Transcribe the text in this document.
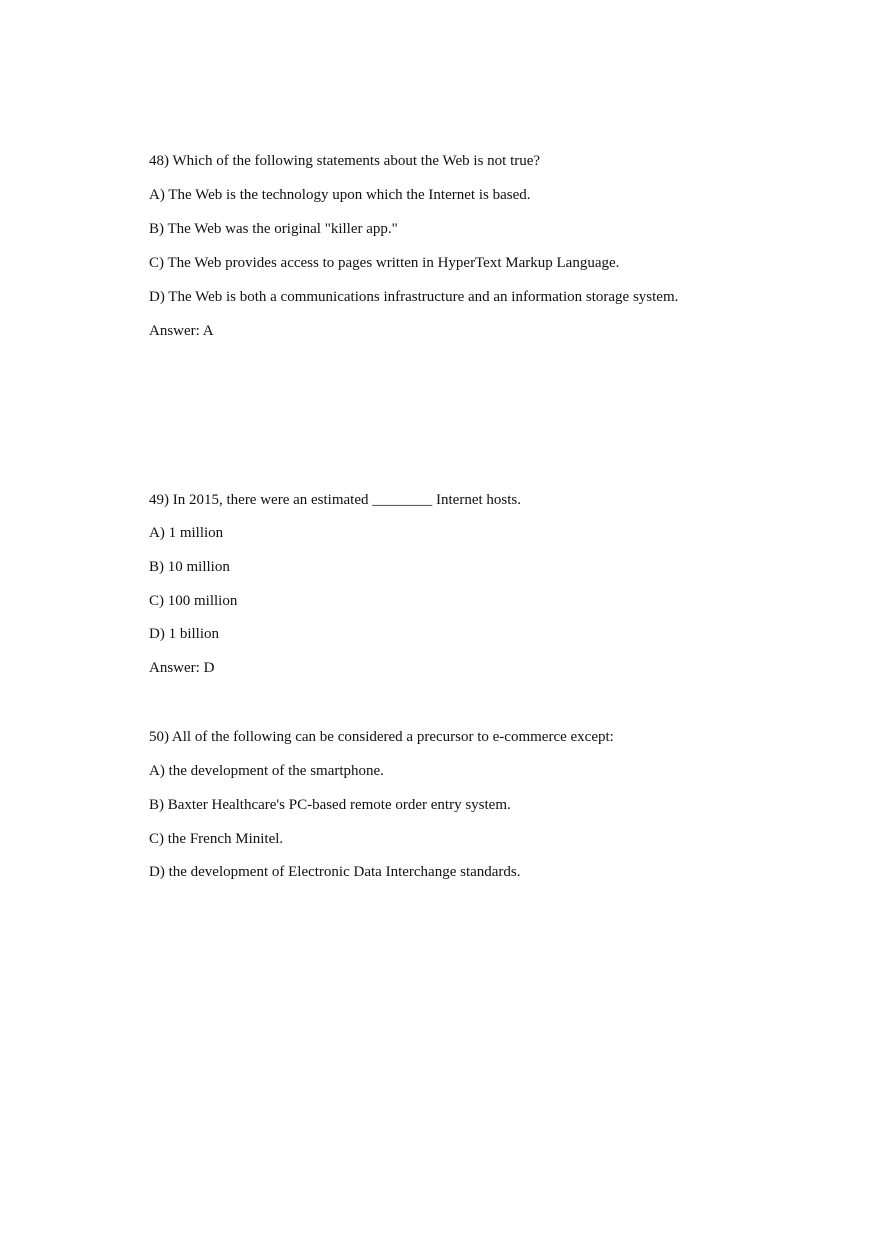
48) Which of the following statements about the Web is not true?
A) The Web is the technology upon which the Internet is based.
B) The Web was the original "killer app."
C) The Web provides access to pages written in HyperText Markup Language.
D) The Web is both a communications infrastructure and an information storage system.
Answer: A
49) In 2015, there were an estimated ________ Internet hosts.
A) 1 million
B) 10 million
C) 100 million
D) 1 billion
Answer: D
50) All of the following can be considered a precursor to e-commerce except:
A) the development of the smartphone.
B) Baxter Healthcare's PC-based remote order entry system.
C) the French Minitel.
D) the development of Electronic Data Interchange standards.
